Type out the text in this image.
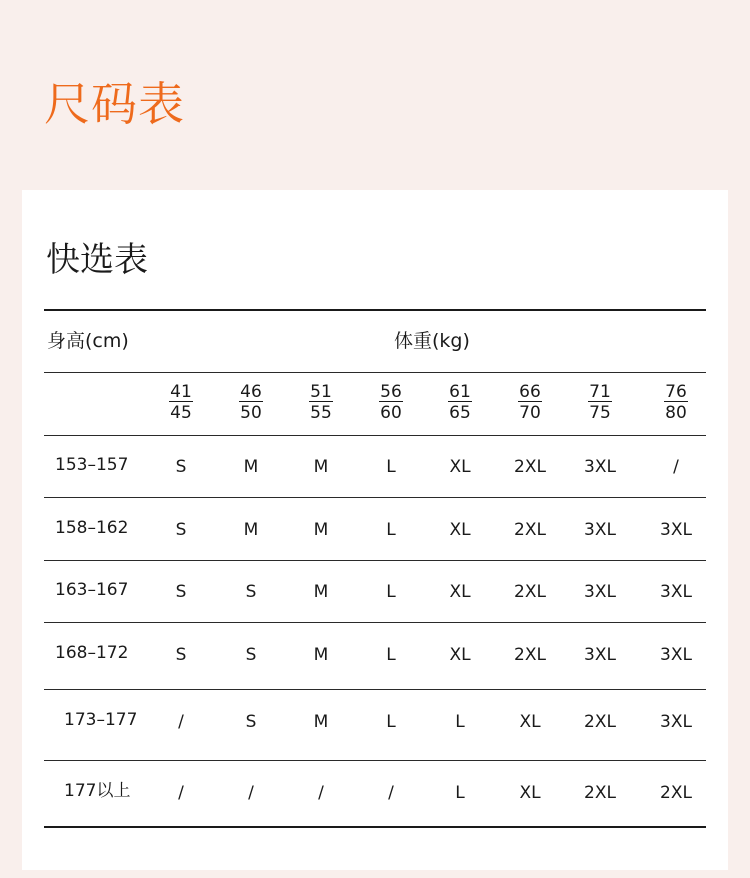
尺码表
快选表
身高(cm)	体重(kg)
$\frac{41}{45} \frac{46}{50} \frac{51}{55} \frac{56}{60} \frac{61}{65} \frac{66}{70} \frac{71}{75} \frac{76}{80}$
153–157	S	M	M	L	XL	2XL	3XL	/
158–162	S	M	M	L	XL	2XL	3XL	3XL
163–167	S	S	M	L	XL	2XL	3XL	3XL
168–172	S	S	M	L	XL	2XL	3XL	3XL
173–177	/	S	M	L	L	XL	2XL	3XL
177以上	/	/	/	/	L	XL	2XL	2XL
